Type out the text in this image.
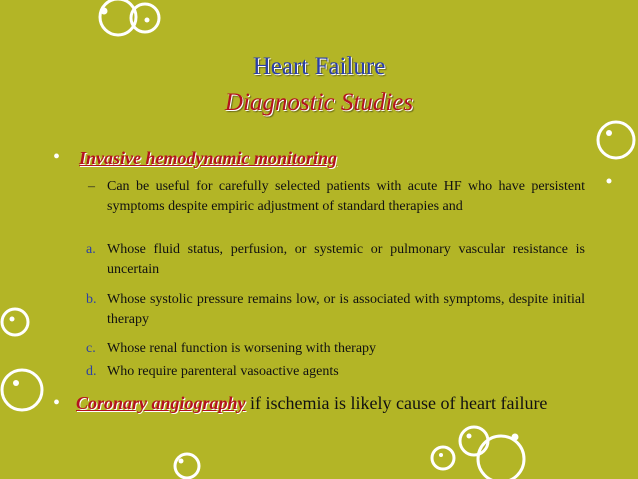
Heart Failure
Diagnostic Studies
• Invasive hemodynamic monitoring
– Can be useful for carefully selected patients with acute HF who have persistent symptoms despite empiric adjustment of standard therapies and
a. Whose fluid status, perfusion, or systemic or pulmonary vascular resistance is uncertain
b. Whose systolic pressure remains low, or is associated with symptoms, despite initial therapy
c. Whose renal function is worsening with therapy
d. Who require parenteral vasoactive agents
• Coronary angiography if ischemia is likely cause of heart failure
